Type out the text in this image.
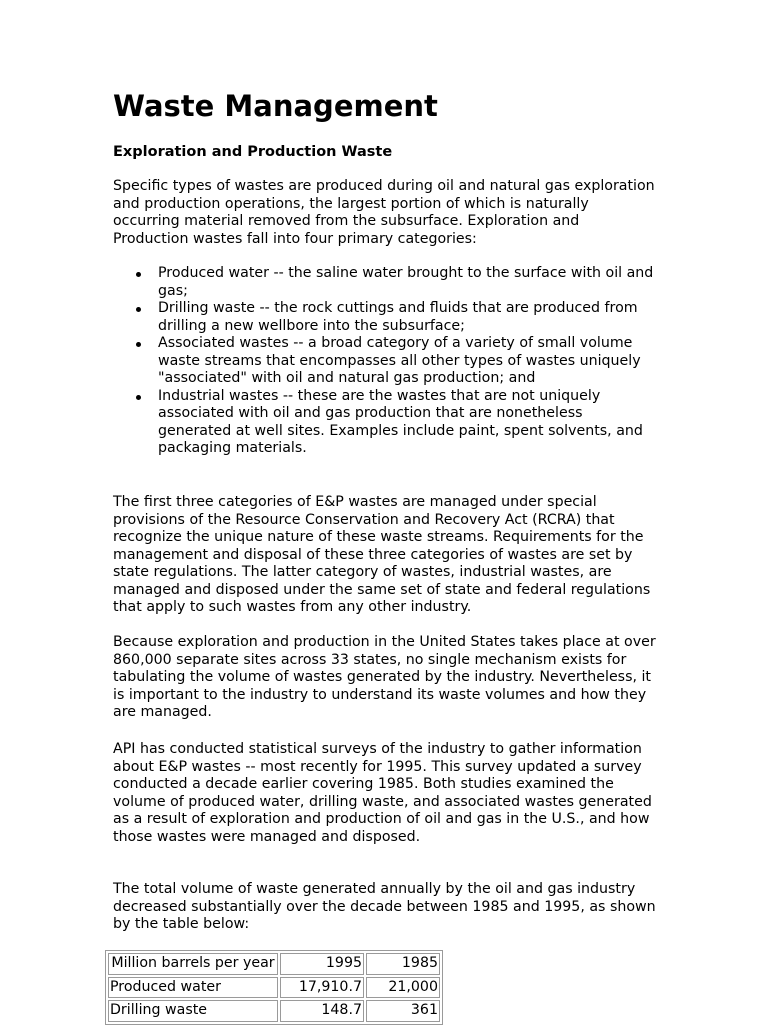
Waste Management
Exploration and Production Waste

Specific types of wastes are produced during oil and natural gas exploration and production operations, the largest portion of which is naturally occurring material removed from the subsurface. Exploration and Production wastes fall into four primary categories:

Produced water -- the saline water brought to the surface with oil and gas;
Drilling waste -- the rock cuttings and fluids that are produced from drilling a new wellbore into the subsurface;
Associated wastes -- a broad category of a variety of small volume waste streams that encompasses all other types of wastes uniquely "associated" with oil and natural gas production; and
Industrial wastes -- these are the wastes that are not uniquely associated with oil and gas production that are nonetheless generated at well sites. Examples include paint, spent solvents, and packaging materials.

The first three categories of E&P wastes are managed under special provisions of the Resource Conservation and Recovery Act (RCRA) that recognize the unique nature of these waste streams. Requirements for the management and disposal of these three categories of wastes are set by state regulations. The latter category of wastes, industrial wastes, are managed and disposed under the same set of state and federal regulations that apply to such wastes from any other industry.

Because exploration and production in the United States takes place at over 860,000 separate sites across 33 states, no single mechanism exists for tabulating the volume of wastes generated by the industry. Nevertheless, it is important to the industry to understand its waste volumes and how they are managed.

API has conducted statistical surveys of the industry to gather information about E&P wastes -- most recently for 1995. This survey updated a survey conducted a decade earlier covering 1985. Both studies examined the volume of produced water, drilling waste, and associated wastes generated as a result of exploration and production of oil and gas in the U.S., and how those wastes were managed and disposed.

The total volume of waste generated annually by the oil and gas industry decreased substantially over the decade between 1985 and 1995, as shown by the table below:

Million barrels per year	1995	1985
Produced water	17,910.7	21,000
Drilling waste	148.7	361
